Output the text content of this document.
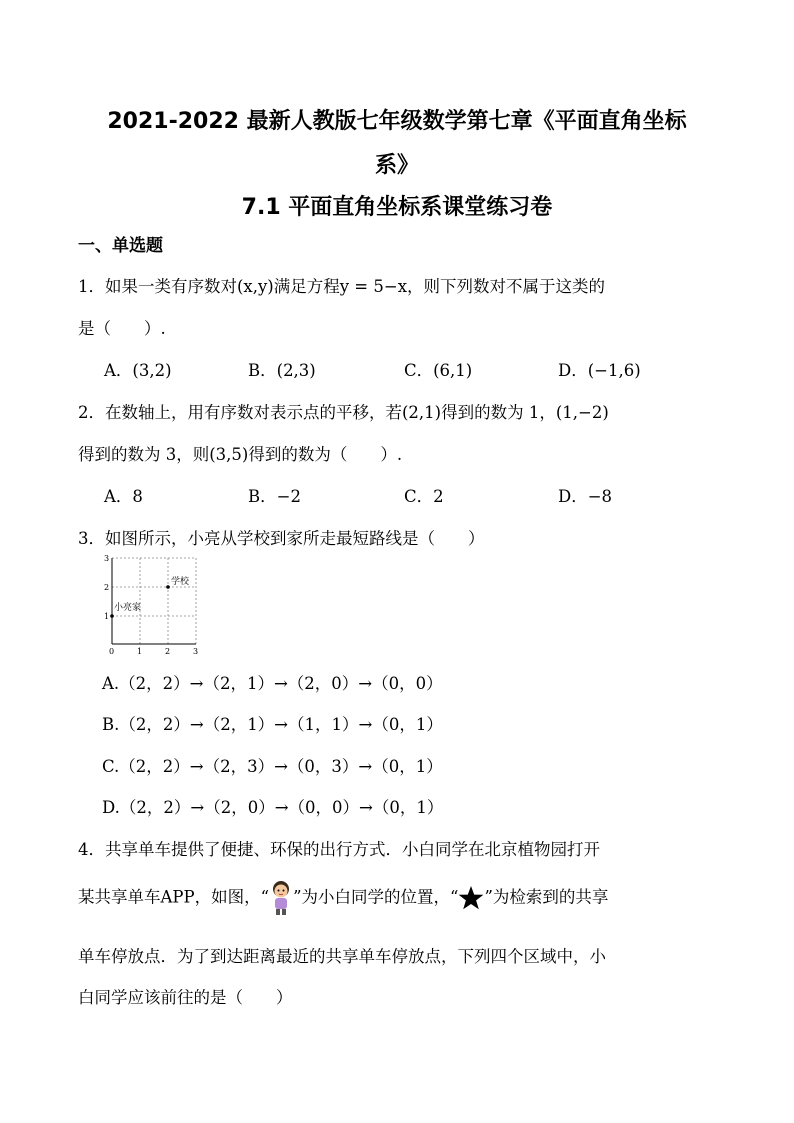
2021-2022 最新人教版七年级数学第七章《平面直角坐标
系》
7.1 平面直角坐标系课堂练习卷
一、单选题
1．如果一类有序数对(x,y)满足方程y = 5−x，则下列数对不属于这类的
是（　　）.
A．(3,2)	B．(2,3)	C．(6,1)	D．(−1,6)
2．在数轴上，用有序数对表示点的平移，若(2,1)得到的数为 1，(1,−2)
得到的数为 3，则(3,5)得到的数为（　　）.
A．8	B．−2	C．2	D．−8
3．如图所示，小亮从学校到家所走最短路线是（　　）
3
2
1
0	1	2	3
学校
小亮家
A.（2，2）→（2，1）→（2，0）→（0，0）
B.（2，2）→（2，1）→（1，1）→（0，1）
C.（2，2）→（2，3）→（0，3）→（0，1）
D.（2，2）→（2，0）→（0，0）→（0，1）
4．共享单车提供了便捷、环保的出行方式．小白同学在北京植物园打开
某共享单车APP，如图，“ ”为小白同学的位置，“ ”为检索到的共享
单车停放点．为了到达距离最近的共享单车停放点，下列四个区域中，小
白同学应该前往的是（　　）
